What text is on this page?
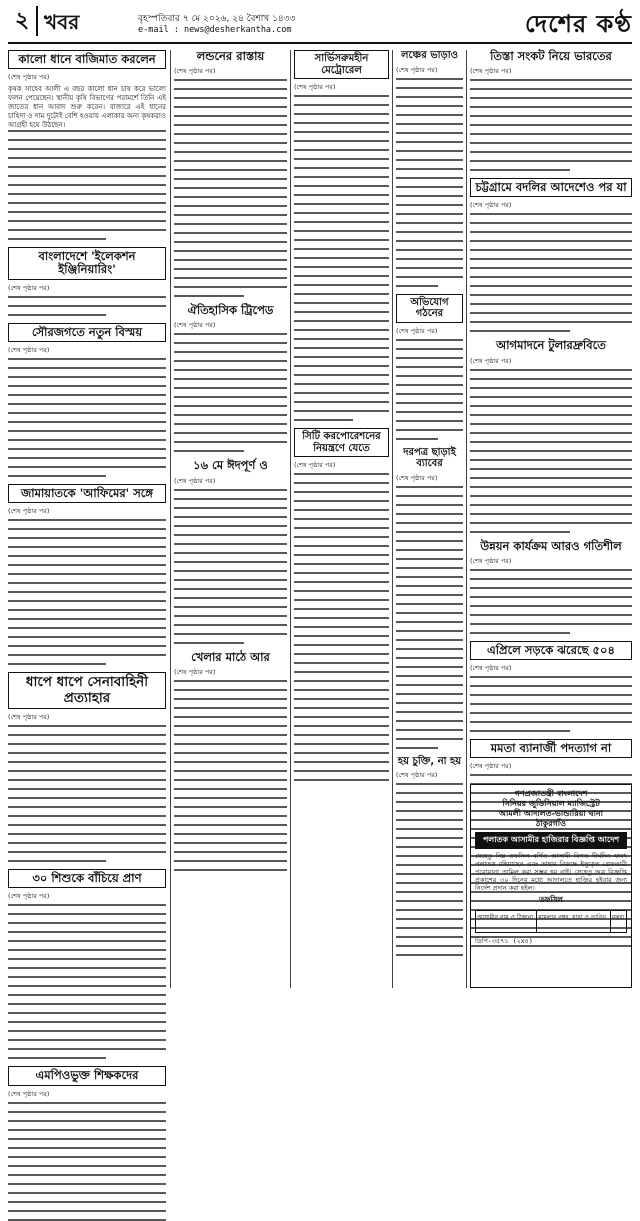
২ খবর	বৃহস্পতিবার ৭ মে ২০২৬, ২৪ বৈশাখ ১৪৩৩
e-mail : news@desherkantha.com	দেশের কণ্ঠ
কালো ধানে বাজিমাত করলেন
(শেষ পৃষ্ঠার পর)
কৃষক সাহেব আলী এ বছর কালো ধান চাষ করে ভালো ফলন পেয়েছেন। স্থানীয় কৃষি বিভাগের পরামর্শে তিনি এই জাতের ধান আবাদ শুরু করেন। বাজারে এই ধানের চাহিদা ও দাম দুটোই বেশি হওয়ায় এলাকার অন্য কৃষকরাও আগ্রহী হয়ে উঠছেন।
বাংলাদেশে 'ইলেকশন ইঞ্জিনিয়ারিং'
(শেষ পৃষ্ঠার পর)
সৌরজগতে নতুন বিস্ময়
(শেষ পৃষ্ঠার পর)
জামায়াতকে 'আফিমের' সঙ্গে
(শেষ পৃষ্ঠার পর)
ধাপে ধাপে সেনাবাহিনী প্রত্যাহার
(শেষ পৃষ্ঠার পর)
৩০ শিশুকে বাঁচিয়ে প্রাণ
(শেষ পৃষ্ঠার পর)
এমপিওভুক্ত শিক্ষকদের
(শেষ পৃষ্ঠার পর)
লন্ডনের রাস্তায়
(শেষ পৃষ্ঠার পর)
ঐতিহাসিক ট্রিপেড
(শেষ পৃষ্ঠার পর)
১৬ মে ঈদপূর্ণ ও
(শেষ পৃষ্ঠার পর)
খেলার মাঠে আর
(শেষ পৃষ্ঠার পর)
সার্ভিসরুমহীন মেট্রোরেল
(শেষ পৃষ্ঠার পর)
সিটি করপোরেশনের নিয়ন্ত্রণে যেতে
(শেষ পৃষ্ঠার পর)
লঞ্চের ভাড়াও
(শেষ পৃষ্ঠার পর)
অভিযোগ গঠনের
(শেষ পৃষ্ঠার পর)
দরপত্র ছাড়াই ব্যাবের
(শেষ পৃষ্ঠার পর)
হয় চুক্তি, না হয়
(শেষ পৃষ্ঠার পর)
তিস্তা সংকট নিয়ে ভারতের
(শেষ পৃষ্ঠার পর)
চট্টগ্রামে বদলির আদেশেও পর যা
(শেষ পৃষ্ঠার পর)
আগমাদনে টুলারদ্রুবিতে
(শেষ পৃষ্ঠার পর)
উন্নয়ন কার্যক্রম আরও গতিশীল
(শেষ পৃষ্ঠার পর)
এপ্রিলে সড়কে ঝরেছে ৫০৪
(শেষ পৃষ্ঠার পর)
মমতা ব্যানার্জী পদত্যাগ না
(শেষ পৃষ্ঠার পর)
গণপ্রজাতন্ত্রী বাংলাদেশ
সিনিয়র জুডিসিয়াল ম্যাজিস্ট্রেট
আমলী আদালত-ভান্ডারিয়া থানা
ঠাকুরগাঁও
পলাতক আসামীর হাজিরার বিজ্ঞপ্তি আদেশ
যেহেতু নিম্ন তফসিল বর্ণিত আসামী বিগত দীর্ঘদিন যাবৎ পলাতক রহিয়াছেন এবং তাহার বিরুদ্ধে ইস্যুকৃত গ্রেফতারী পরোয়ানা তামিল করা সম্ভব হয় নাই। সেহেতু অত্র বিজ্ঞপ্তি প্রকাশের ৩০ দিনের মধ্যে আদালতে হাজির হইবার জন্য নির্দেশ প্রদান করা হইল।
তফসিল
আসামীর নাম ও ঠিকানা	মামলার নম্বর, ধারা ও তারিখ	মন্তব্য
ডিপি-৩৫৭১ (২x৪)
